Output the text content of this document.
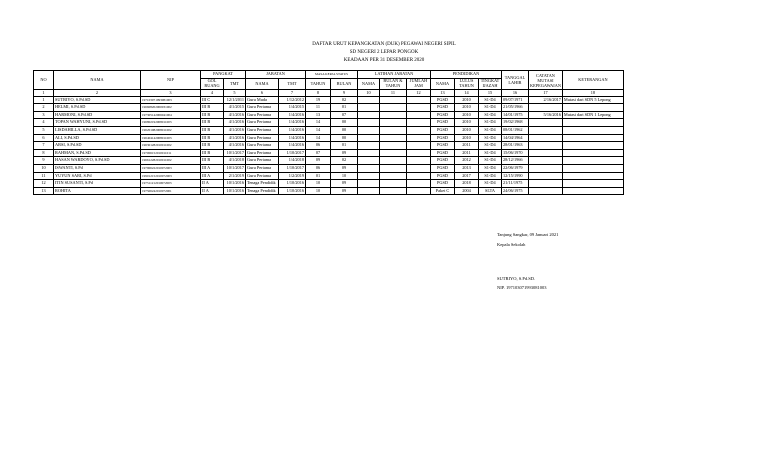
DAFTAR URUT KEPANGKATAN (DUK) PEGAWAI NEGERI SIPIL
SD NEGERI 2 LEPAR PONGOK
KEADAAN PER 31 DESEMBER 2020
NO	NAMA	NIP	PANGKAT		JABATAN		MASA KERJA STATUS		LATIHAN JABATAN			PENDIDIKAN			TANGGAL LAHIR	CATATAN MUTASI KEPEGAWAIAN	KETERANGAN
			GOL RUANG	TMT	NAMA	TMT	TAHUN	BULAN	NAMA	BULAN & TAHUN	JUMLAH JAM	NAMA	LULUS TAHUN	TINGKAT IJAZAH			
1	2	3	4	5	6	7	8	9	10	11	12	13	14	15	16	17	18
1	SUTRIYO, S.Pd.SD	197103071993081003	III C	12/1/2011	Guru Muda	1/12/2012	19	02				PGSD	2010	S1-D4	09/07/1971	2/16/2017	Mutasi dari SDN 5 Lepong
2	HELMI, S.Pd.SD	196608202000031002	III B	4/1/2015	Guru Pertama	1/4/2015	11	01				PGSD	2010	S1-D4	21/05/1966		
3	HARMONI, S.Pd.SD	197305142006041004	III B	4/1/2016	Guru Pertama	1/4/2016	13	07				PGSD	2010	S1-D4	14/01/1975	5/16/2016	Mutasi dari SDN 1 Lepong
4	TOPAN WAHYUNI, S.Pd.SD	196802192008011003	III B	4/1/2016	Guru Pertama	1/4/2016	14	00				PGSD	2010	S1-D4	19/02/1968		
5	LISDAHILLA, S.Pd.SD	196201082008011002	III B	4/1/2016	Guru Pertama	1/4/2016	14	00				PGSD	2010	S1-D4	08/01/1962		
6	ALI, S.Pd.SD	196404142008011003	III B	4/1/2016	Guru Pertama	1/4/2016	14	00				PGSD	2010	S1-D4	14/04/1964		
7	ARSI, S.Pd.SD	196301282010011002	III B	4/1/2016	Guru Pertama	1/4/2016	06	01				PGSD	2011	S1-D4	28/01/1963		
8	RAHMAN, S.Pd.SD	197006152010011011	III B	10/1/2017	Guru Pertama	1/10/2017	07	09				PGSD	2011	S1-D4	15/06/1970		
9	HASAN WARDOYO, S.Pd.SD	196612282010011002	III B	4/1/2018	Guru Pertama	1/4/2018	09	02				PGSD	2012	S1-D4	28/12/1966		
10	ISWANTI, S.Pd	197906222010072003	III A	10/1/2017	Guru Pertama	1/10/2017	06	09				PGSD	2013	S1-D4	22/06/1979		
11	YUYUN SARI, S.Pd	199012152010072003	III A	2/1/2019	Guru Pertama	1/2/2019	01	10				PGSD	2017	S1-D4	12/15/1990		
12	ITIN SUSANTI, S.Pd	197511212010072003	II A	10/1/2016	Tenaga Pendidik	1/10/2016	10	09				PGSD	2018	S1-D4	21/11/1975		
13	ROHITA	197506242010072001	II A	10/1/2016	Tenaga Pendidik	1/10/2016	10	09				Paket C	2004	SLTA	24/06/1975		
Tanjung Sangkar, 09 Januari 2021
Kepala Sekolah
SUTRIYO, S.Pd.SD.
NIP. 197103071993081003
